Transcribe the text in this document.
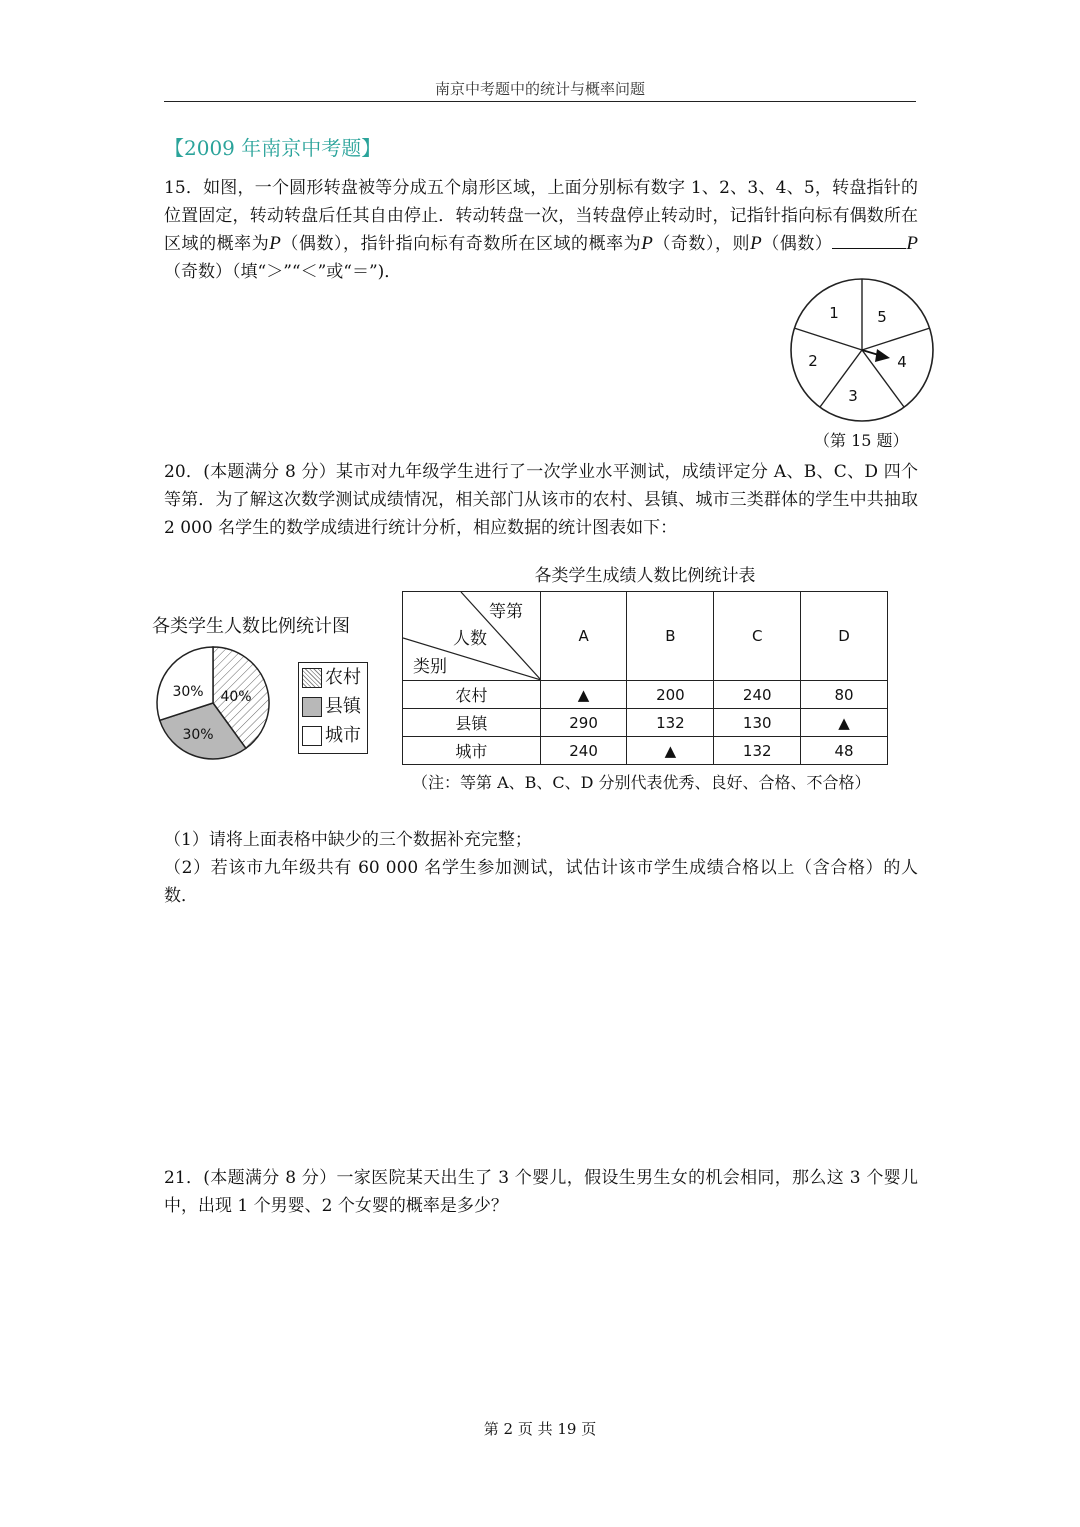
南京中考题中的统计与概率问题
【2009 年南京中考题】
15．如图，一个圆形转盘被等分成五个扇形区域，上面分别标有数字 1、2、3、4、5，转盘指针的位置固定，转动转盘后任其自由停止．转动转盘一次，当转盘停止转动时，记指针指向标有偶数所在区域的概率为P（偶数），指针指向标有奇数所在区域的概率为P（奇数），则P（偶数）	P（奇数）（填“＞”“＜”或“＝”)．
1	5
2	4
3
（第 15 题）
20．(本题满分 8 分）某市对九年级学生进行了一次学业水平测试，成绩评定分 A、B、C、D 四个等第．为了解这次数学测试成绩情况，相关部门从该市的农村、县镇、城市三类群体的学生中共抽取 2 000 名学生的数学成绩进行统计分析，相应数据的统计图表如下：
各类学生人数比例统计图
40%
30%
30%
农村
县镇
城市
各类学生成绩人数比例统计表
等第
人数
类别	A	B	C	D
农村	▲	200	240	80
县镇	290	132	130	▲
城市	240	▲	132	48
（注：等第 A、B、C、D 分别代表优秀、良好、合格、不合格）
（1）请将上面表格中缺少的三个数据补充完整；
（2）若该市九年级共有 60 000 名学生参加测试，试估计该市学生成绩合格以上（含合格）的人数．
21．(本题满分 8 分）一家医院某天出生了 3 个婴儿，假设生男生女的机会相同，那么这 3 个婴儿中，出现 1 个男婴、2 个女婴的概率是多少？
第 2 页 共 19 页
